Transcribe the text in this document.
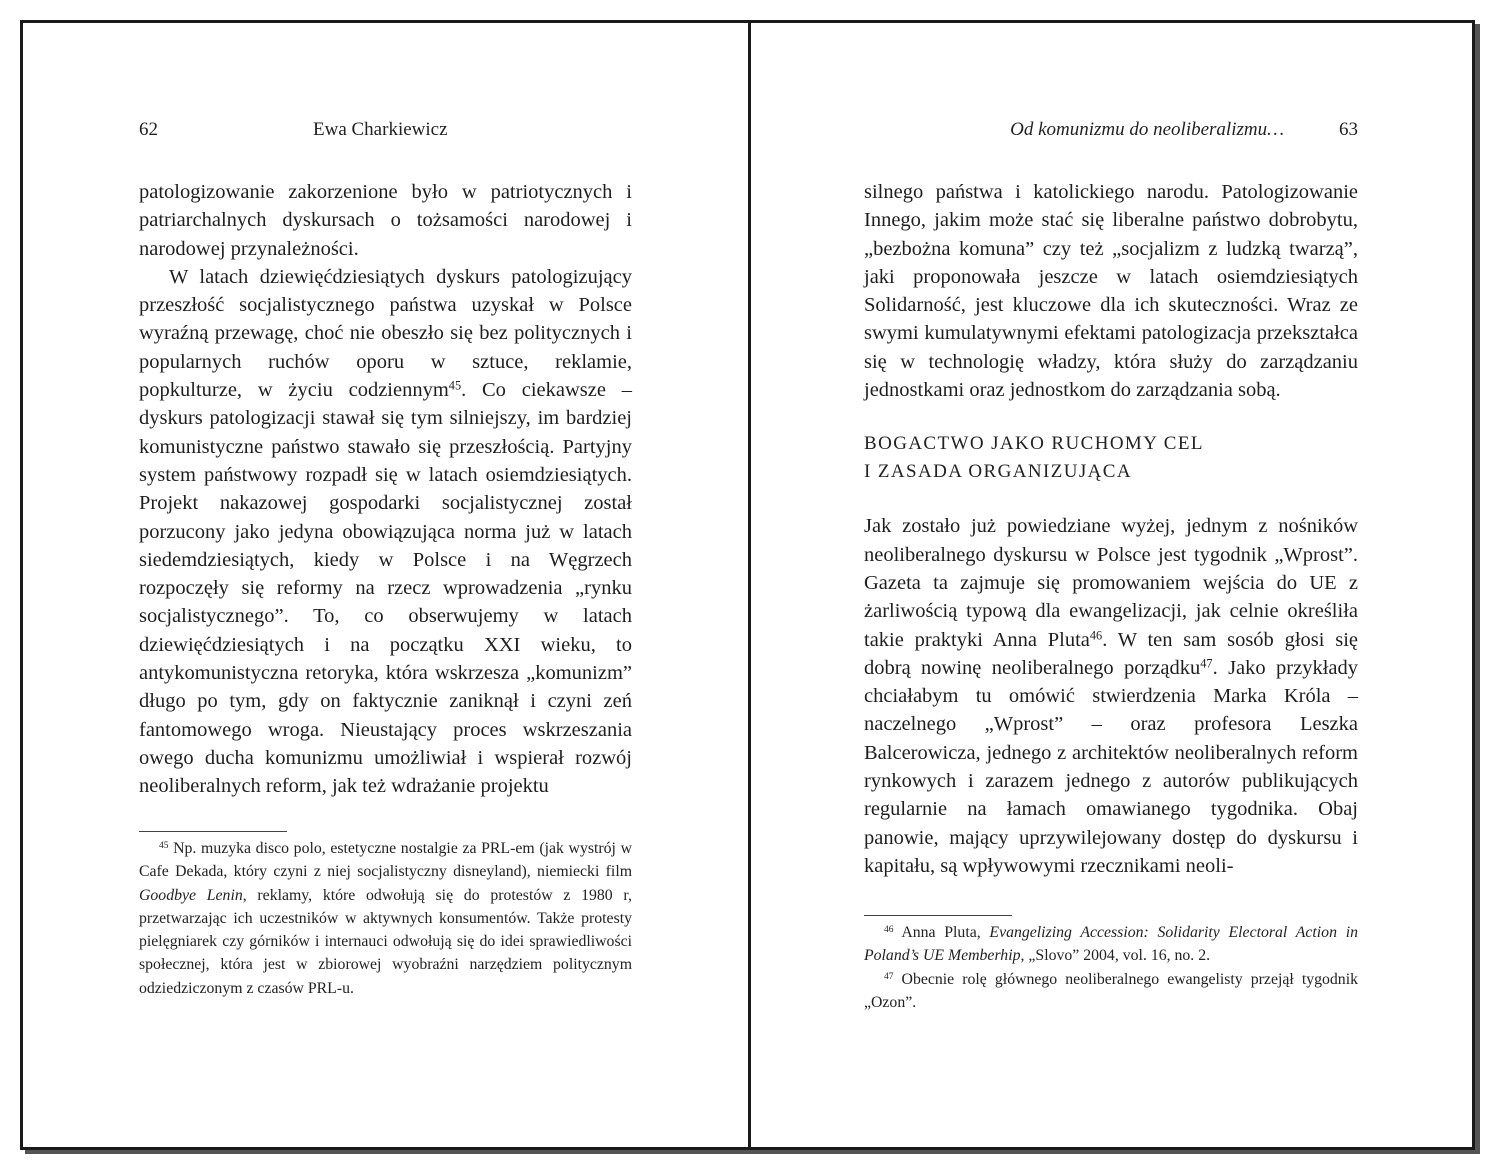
62	Ewa Charkiewicz

patologizowanie zakorzenione było w patriotycznych i patriarchalnych dyskursach o tożsamości narodowej i narodowej przynależności.

W latach dziewięćdziesiątych dyskurs patologizujący przeszłość socjalistycznego państwa uzyskał w Polsce wyraźną przewagę, choć nie obeszło się bez politycznych i popularnych ruchów oporu w sztuce, reklamie, popkulturze, w życiu codziennym$^{45}$. Co ciekawsze – dyskurs patologizacji stawał się tym silniejszy, im bardziej komunistyczne państwo stawało się przeszłością. Partyjny system państwowy rozpadł się w latach osiemdziesiątych. Projekt nakazowej gospodarki socjalistycznej został porzucony jako jedyna obowiązująca norma już w latach siedemdziesiątych, kiedy w Polsce i na Węgrzech rozpoczęły się reformy na rzecz wprowadzenia „rynku socjalistycznego”. To, co obserwujemy w latach dziewięćdziesiątych i na początku XXI wieku, to antykomunistyczna retoryka, która wskrzesza „komunizm” długo po tym, gdy on faktycznie zaniknął i czyni zeń fantomowego wroga. Nieustający proces wskrzeszania owego ducha komunizmu umożliwiał i wspierał rozwój neoliberalnych reform, jak też wdrażanie projektu

$^{45}$ Np. muzyka disco polo, estetyczne nostalgie za PRL-em (jak wystrój w Cafe Dekada, który czyni z niej socjalistyczny disneyland), niemiecki film Goodbye Lenin, reklamy, które odwołują się do protestów z 1980 r, przetwarzając ich uczestników w aktywnych konsumentów. Także protesty pielęgniarek czy górników i internauci odwołują się do idei sprawiedliwości społecznej, która jest w zbiorowej wyobraźni narzędziem politycznym odziedziczonym z czasów PRL-u.

Od komunizmu do neoliberalizmu…	63

silnego państwa i katolickiego narodu. Patologizowanie Innego, jakim może stać się liberalne państwo dobrobytu, „bezbożna komuna” czy też „socjalizm z ludzką twarzą”, jaki proponowała jeszcze w latach osiemdziesiątych Solidarność, jest kluczowe dla ich skuteczności. Wraz ze swymi kumulatywnymi efektami patologizacja przekształca się w technologię władzy, która służy do zarządzaniu jednostkami oraz jednostkom do zarządzania sobą.

BOGACTWO JAKO RUCHOMY CEL
I ZASADA ORGANIZUJĄCA

Jak zostało już powiedziane wyżej, jednym z nośników neoliberalnego dyskursu w Polsce jest tygodnik „Wprost”. Gazeta ta zajmuje się promowaniem wejścia do UE z żarliwością typową dla ewangelizacji, jak celnie określiła takie praktyki Anna Pluta$^{46}$. W ten sam sosób głosi się dobrą nowinę neoliberalnego porządku$^{47}$. Jako przykłady chciałabym tu omówić stwierdzenia Marka Króla – naczelnego „Wprost” – oraz profesora Leszka Balcerowicza, jednego z architektów neoliberalnych reform rynkowych i zarazem jednego z autorów publikujących regularnie na łamach omawianego tygodnika. Obaj panowie, mający uprzywilejowany dostęp do dyskursu i kapitału, są wpływowymi rzecznikami neoli-

$^{46}$ Anna Pluta, Evangelizing Accession: Solidarity Electoral Action in Poland’s UE Memberhip, „Slovo” 2004, vol. 16, no. 2.

$^{47}$ Obecnie rolę głównego neoliberalnego ewangelisty przejął tygodnik „Ozon”.
